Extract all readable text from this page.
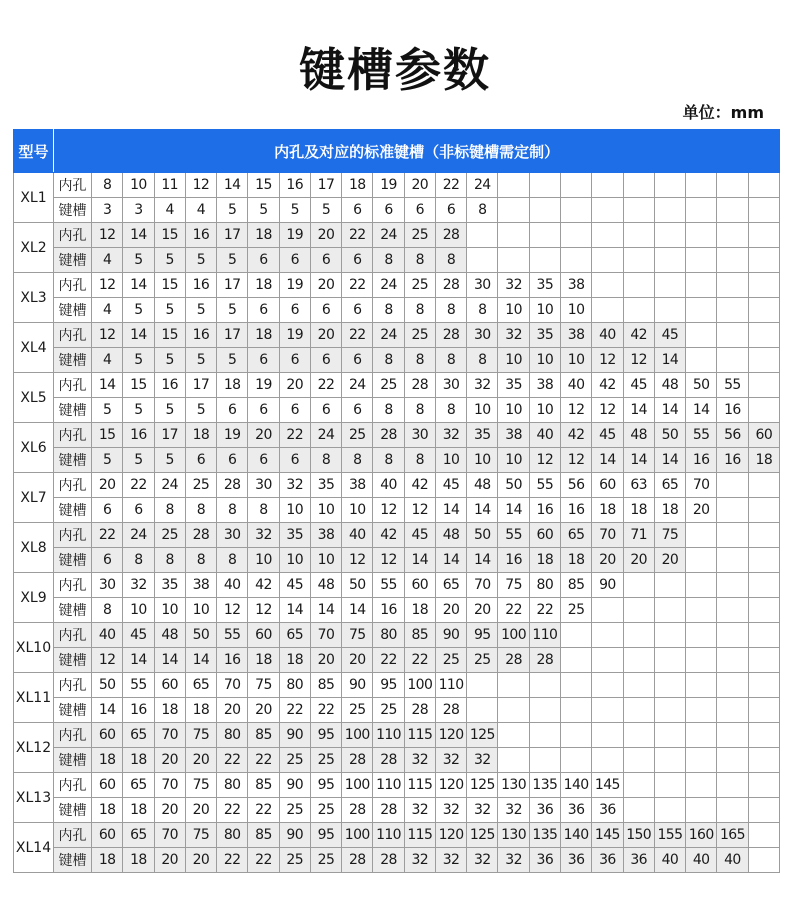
键槽参数
单位：mm
型号	内孔及对应的标准键槽（非标键槽需定制）																						
XL1	内孔	8	10	11	12	14	15	16	17	18	19	20	22	24									
	键槽	3	3	4	4	5	5	5	5	6	6	6	6	8									
XL2	内孔	12	14	15	16	17	18	19	20	22	24	25	28										
	键槽	4	5	5	5	5	6	6	6	6	8	8	8										
XL3	内孔	12	14	15	16	17	18	19	20	22	24	25	28	30	32	35	38						
	键槽	4	5	5	5	5	6	6	6	6	8	8	8	8	10	10	10						
XL4	内孔	12	14	15	16	17	18	19	20	22	24	25	28	30	32	35	38	40	42	45			
	键槽	4	5	5	5	5	6	6	6	6	8	8	8	8	10	10	10	12	12	14			
XL5	内孔	14	15	16	17	18	19	20	22	24	25	28	30	32	35	38	40	42	45	48	50	55	
	键槽	5	5	5	5	6	6	6	6	6	8	8	8	10	10	10	12	12	14	14	14	16	
XL6	内孔	15	16	17	18	19	20	22	24	25	28	30	32	35	38	40	42	45	48	50	55	56	60
	键槽	5	5	5	6	6	6	6	8	8	8	8	10	10	10	12	12	14	14	14	16	16	18
XL7	内孔	20	22	24	25	28	30	32	35	38	40	42	45	48	50	55	56	60	63	65	70		
	键槽	6	6	8	8	8	8	10	10	10	12	12	14	14	14	16	16	18	18	18	20		
XL8	内孔	22	24	25	28	30	32	35	38	40	42	45	48	50	55	60	65	70	71	75			
	键槽	6	8	8	8	8	10	10	10	12	12	14	14	14	16	18	18	20	20	20			
XL9	内孔	30	32	35	38	40	42	45	48	50	55	60	65	70	75	80	85	90					
	键槽	8	10	10	10	12	12	14	14	14	16	18	20	20	22	22	25						
XL10	内孔	40	45	48	50	55	60	65	70	75	80	85	90	95	100	110							
	键槽	12	14	14	14	16	18	18	20	20	22	22	25	25	28	28							
XL11	内孔	50	55	60	65	70	75	80	85	90	95	100	110										
	键槽	14	16	18	18	20	20	22	22	25	25	28	28										
XL12	内孔	60	65	70	75	80	85	90	95	100	110	115	120	125									
	键槽	18	18	20	20	22	22	25	25	28	28	32	32	32									
XL13	内孔	60	65	70	75	80	85	90	95	100	110	115	120	125	130	135	140	145					
	键槽	18	18	20	20	22	22	25	25	28	28	32	32	32	32	36	36	36					
XL14	内孔	60	65	70	75	80	85	90	95	100	110	115	120	125	130	135	140	145	150	155	160	165	
	键槽	18	18	20	20	22	22	25	25	28	28	32	32	32	32	36	36	36	36	40	40	40	
